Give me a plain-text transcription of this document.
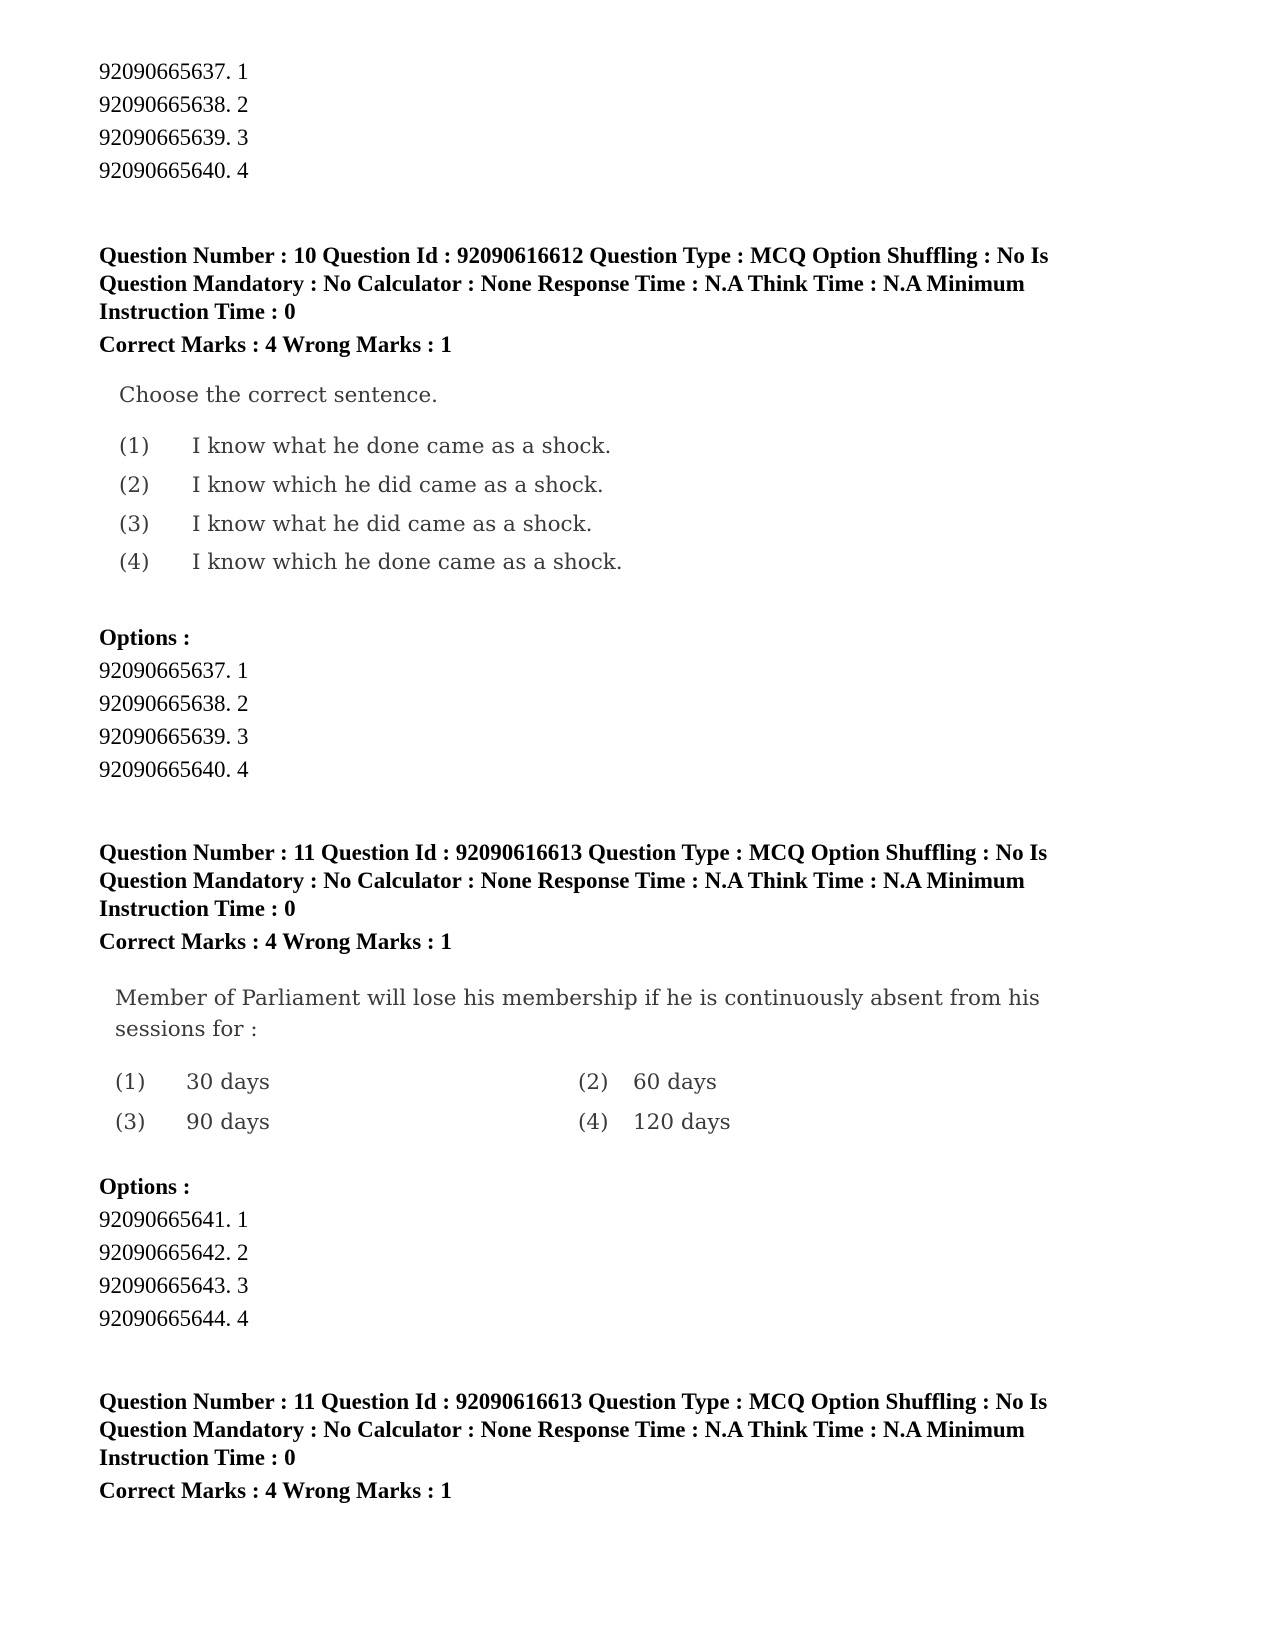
92090665637. 1
92090665638. 2
92090665639. 3
92090665640. 4
Question Number : 10 Question Id : 92090616612 Question Type : MCQ Option Shuffling : No Is
Question Mandatory : No Calculator : None Response Time : N.A Think Time : N.A Minimum
Instruction Time : 0
Correct Marks : 4 Wrong Marks : 1
Choose the correct sentence.
(1) I know what he done came as a shock.
(2) I know which he did came as a shock.
(3) I know what he did came as a shock.
(4) I know which he done came as a shock.
Options :
92090665637. 1
92090665638. 2
92090665639. 3
92090665640. 4
Question Number : 11 Question Id : 92090616613 Question Type : MCQ Option Shuffling : No Is
Question Mandatory : No Calculator : None Response Time : N.A Think Time : N.A Minimum
Instruction Time : 0
Correct Marks : 4 Wrong Marks : 1
Member of Parliament will lose his membership if he is continuously absent from his
sessions for :
(1) 30 days	(2) 60 days
(3) 90 days	(4) 120 days
Options :
92090665641. 1
92090665642. 2
92090665643. 3
92090665644. 4
Question Number : 11 Question Id : 92090616613 Question Type : MCQ Option Shuffling : No Is
Question Mandatory : No Calculator : None Response Time : N.A Think Time : N.A Minimum
Instruction Time : 0
Correct Marks : 4 Wrong Marks : 1
